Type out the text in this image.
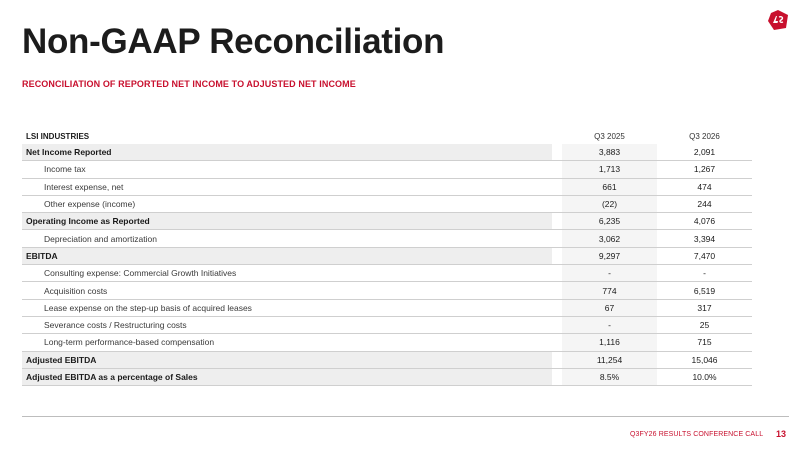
Non-GAAP Reconciliation

RECONCILIATION OF REPORTED NET INCOME TO ADJUSTED NET INCOME

LSI INDUSTRIES	Q3 2025	Q3 2026
Net Income Reported	3,883	2,091
Income tax	1,713	1,267
Interest expense, net	661	474
Other expense (income)	(22)	244
Operating Income as Reported	6,235	4,076
Depreciation and amortization	3,062	3,394
EBITDA	9,297	7,470
Consulting expense: Commercial Growth Initiatives	-	-
Acquisition costs	774	6,519
Lease expense on the step-up basis of acquired leases	67	317
Severance costs / Restructuring costs	-	25
Long-term performance-based compensation	1,116	715
Adjusted EBITDA	11,254	15,046
Adjusted EBITDA as a percentage of Sales	8.5%	10.0%
Q3FY26 RESULTS CONFERENCE CALL 13
